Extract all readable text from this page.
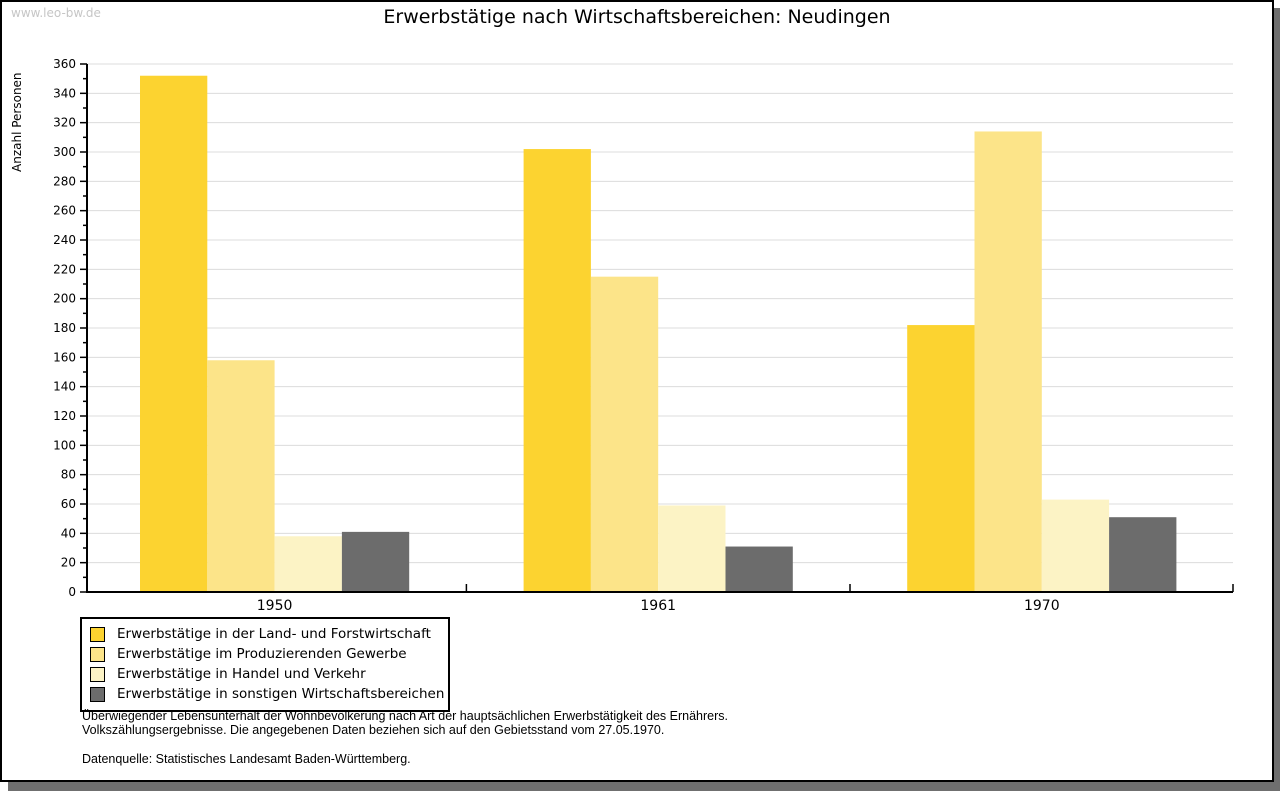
www.leo-bw.de	Erwerbstätige nach Wirtschaftsbereichen: Neudingen
Anzahl Personen
0
20
40
60
80
100
120
140
160
180
200
220
240
260
280
300
320
340
360
1950	1961	1970
Erwerbstätige in der Land- und Forstwirtschaft
Erwerbstätige im Produzierenden Gewerbe
Erwerbstätige in Handel und Verkehr
Erwerbstätige in sonstigen Wirtschaftsbereichen
Überwiegender Lebensunterhalt der Wohnbevölkerung nach Art der hauptsächlichen Erwerbstätigkeit des Ernährers.
Volkszählungsergebnisse. Die angegebenen Daten beziehen sich auf den Gebietsstand vom 27.05.1970.
Datenquelle: Statistisches Landesamt Baden-Württemberg.
